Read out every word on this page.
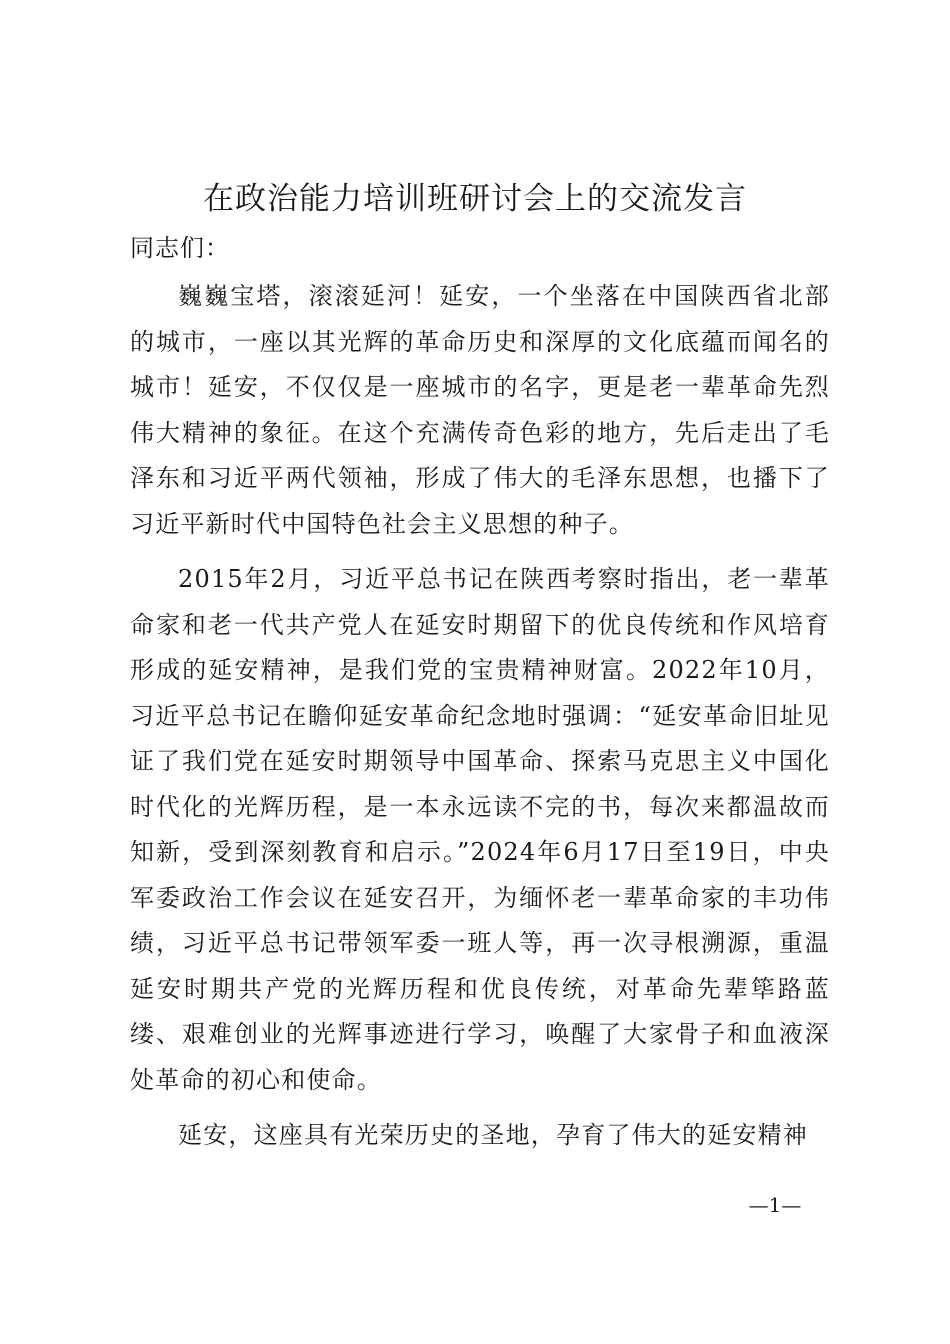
在政治能力培训班研讨会上的交流发言

同志们：

巍巍宝塔，滚滚延河！延安，一个坐落在中国陕西省北部的城市，一座以其光辉的革命历史和深厚的文化底蕴而闻名的城市！延安，不仅仅是一座城市的名字，更是老一辈革命先烈伟大精神的象征。在这个充满传奇色彩的地方，先后走出了毛泽东和习近平两代领袖，形成了伟大的毛泽东思想，也播下了习近平新时代中国特色社会主义思想的种子。

2015年2月，习近平总书记在陕西考察时指出，老一辈革命家和老一代共产党人在延安时期留下的优良传统和作风培育形成的延安精神，是我们党的宝贵精神财富。2022年10月，习近平总书记在瞻仰延安革命纪念地时强调：“延安革命旧址见证了我们党在延安时期领导中国革命、探索马克思主义中国化时代化的光辉历程，是一本永远读不完的书，每次来都温故而知新，受到深刻教育和启示。”2024年6月17日至19日，中央军委政治工作会议在延安召开，为缅怀老一辈革命家的丰功伟绩，习近平总书记带领军委一班人等，再一次寻根溯源，重温延安时期共产党的光辉历程和优良传统，对革命先辈筚路蓝缕、艰难创业的光辉事迹进行学习，唤醒了大家骨子和血液深处革命的初心和使命。

延安，这座具有光荣历史的圣地，孕育了伟大的延安精神

—1—
